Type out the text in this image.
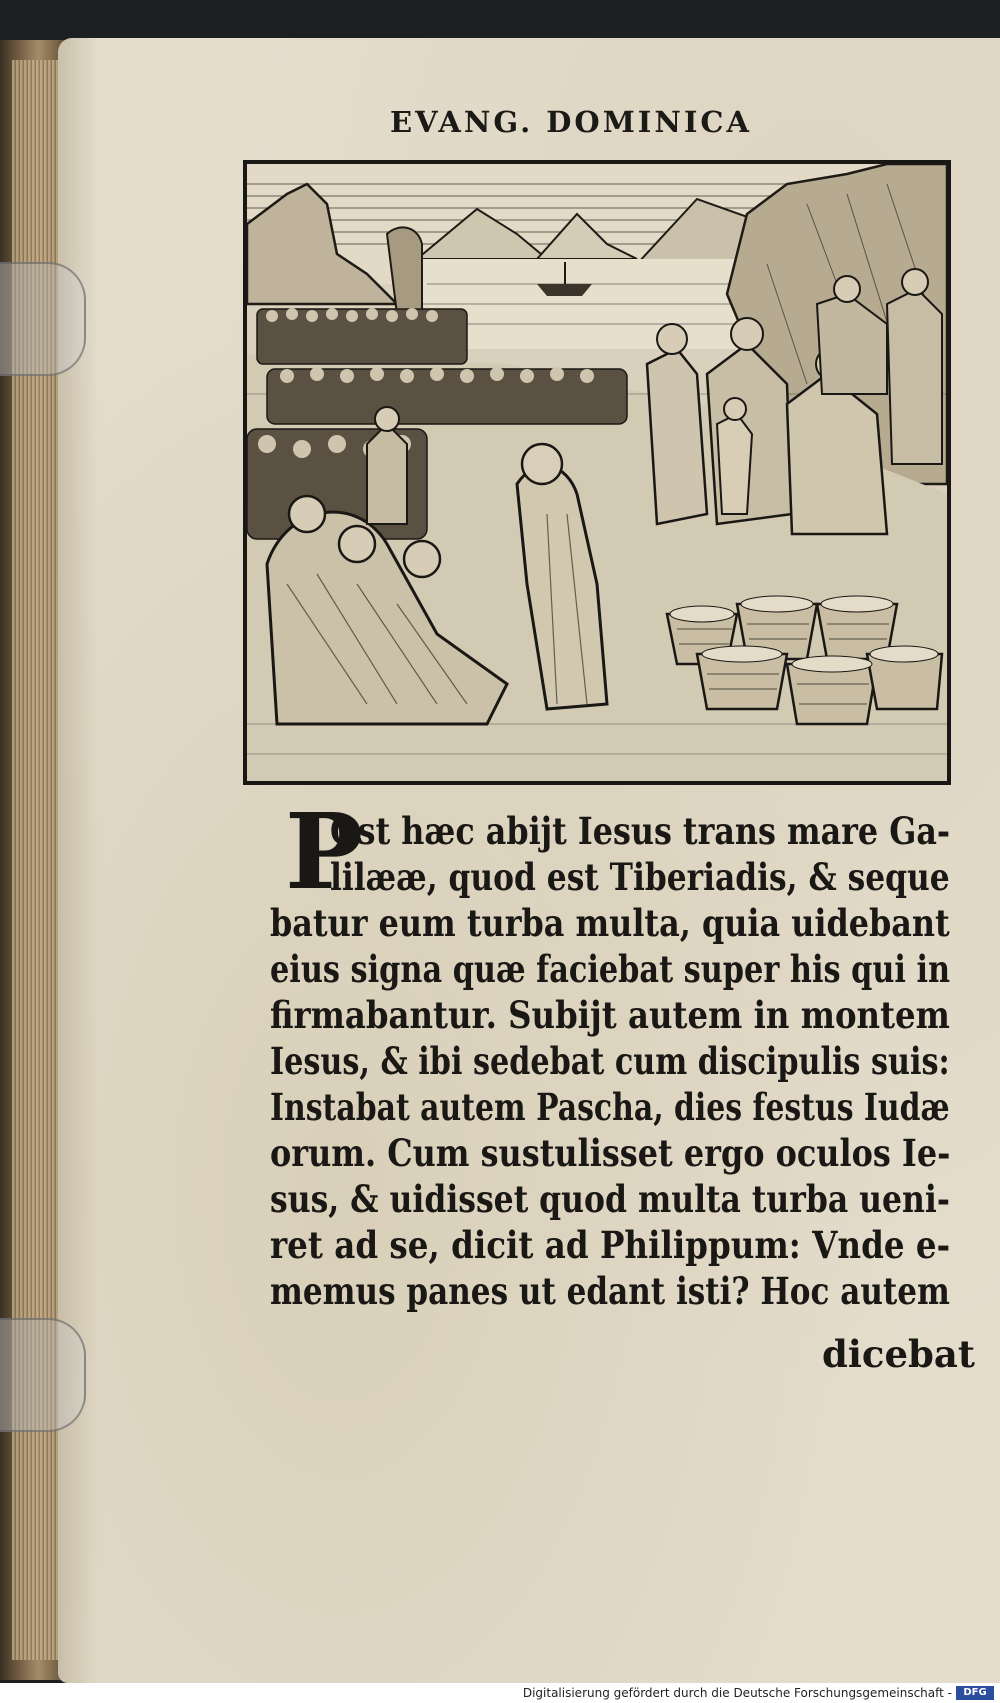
EVANG. DOMINICA
P
Ost hæc abijt Iesus trans mare Ga-
lilææ, quod est Tiberiadis, & seque
batur eum turba multa, quia uidebant
eius signa quæ faciebat super his qui in
firmabantur. Subijt autem in montem
Iesus, & ibi sedebat cum discipulis suis:
Instabat autem Pascha, dies festus Iudæ
orum. Cum sustulisset ergo oculos Ie-
sus, & uidisset quod multa turba ueni-
ret ad se, dicit ad Philippum: Vnde e-
memus panes ut edant isti? Hoc autem
dicebat
Digitalisierung gefördert durch die Deutsche Forschungsgemeinschaft -	DFG
